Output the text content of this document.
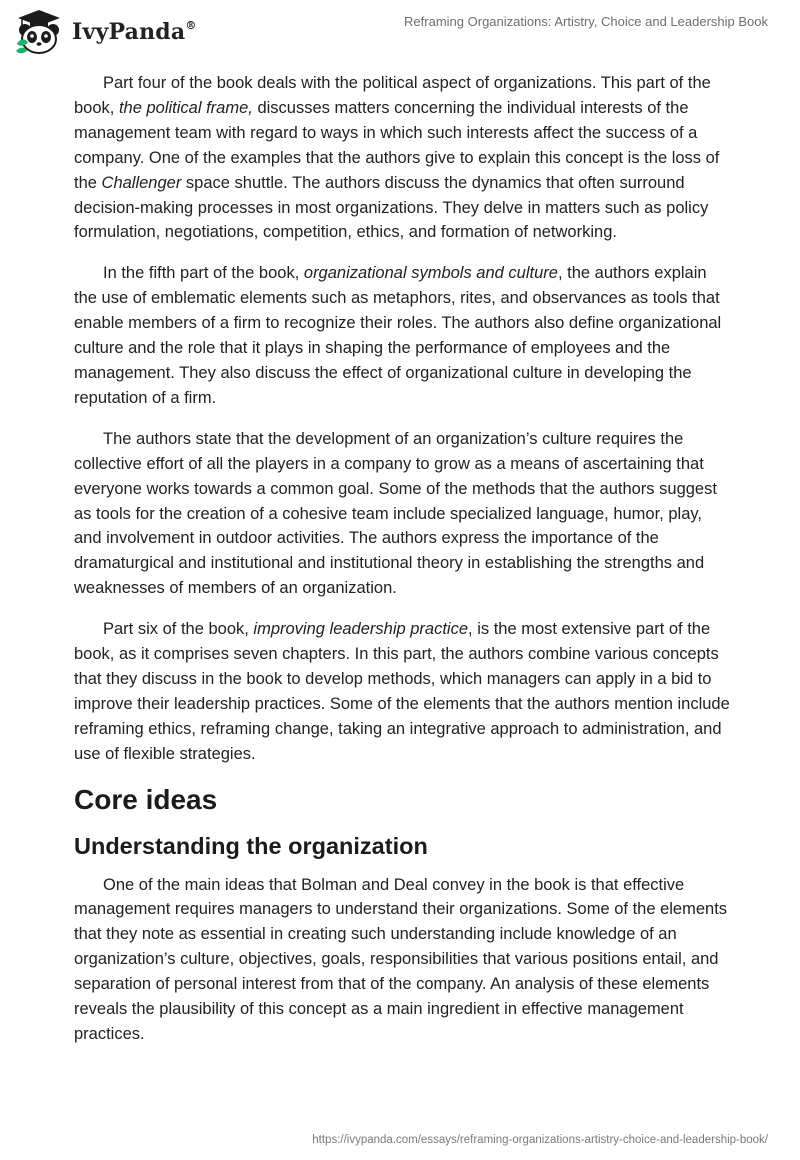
IvyPanda®	Reframing Organizations: Artistry, Choice and Leadership Book

Part four of the book deals with the political aspect of organizations. This part of the book, the political frame, discusses matters concerning the individual interests of the management team with regard to ways in which such interests affect the success of a company. One of the examples that the authors give to explain this concept is the loss of the Challenger space shuttle. The authors discuss the dynamics that often surround decision-making processes in most organizations. They delve in matters such as policy formulation, negotiations, competition, ethics, and formation of networking.

In the fifth part of the book, organizational symbols and culture, the authors explain the use of emblematic elements such as metaphors, rites, and observances as tools that enable members of a firm to recognize their roles. The authors also define organizational culture and the role that it plays in shaping the performance of employees and the management. They also discuss the effect of organizational culture in developing the reputation of a firm.

The authors state that the development of an organization’s culture requires the collective effort of all the players in a company to grow as a means of ascertaining that everyone works towards a common goal. Some of the methods that the authors suggest as tools for the creation of a cohesive team include specialized language, humor, play, and involvement in outdoor activities. The authors express the importance of the dramaturgical and institutional and institutional theory in establishing the strengths and weaknesses of members of an organization.

Part six of the book, improving leadership practice, is the most extensive part of the book, as it comprises seven chapters. In this part, the authors combine various concepts that they discuss in the book to develop methods, which managers can apply in a bid to improve their leadership practices. Some of the elements that the authors mention include reframing ethics, reframing change, taking an integrative approach to administration, and use of flexible strategies.

Core ideas
Understanding the organization

One of the main ideas that Bolman and Deal convey in the book is that effective management requires managers to understand their organizations. Some of the elements that they note as essential in creating such understanding include knowledge of an organization’s culture, objectives, goals, responsibilities that various positions entail, and separation of personal interest from that of the company. An analysis of these elements reveals the plausibility of this concept as a main ingredient in effective management practices.

https://ivypanda.com/essays/reframing-organizations-artistry-choice-and-leadership-book/
